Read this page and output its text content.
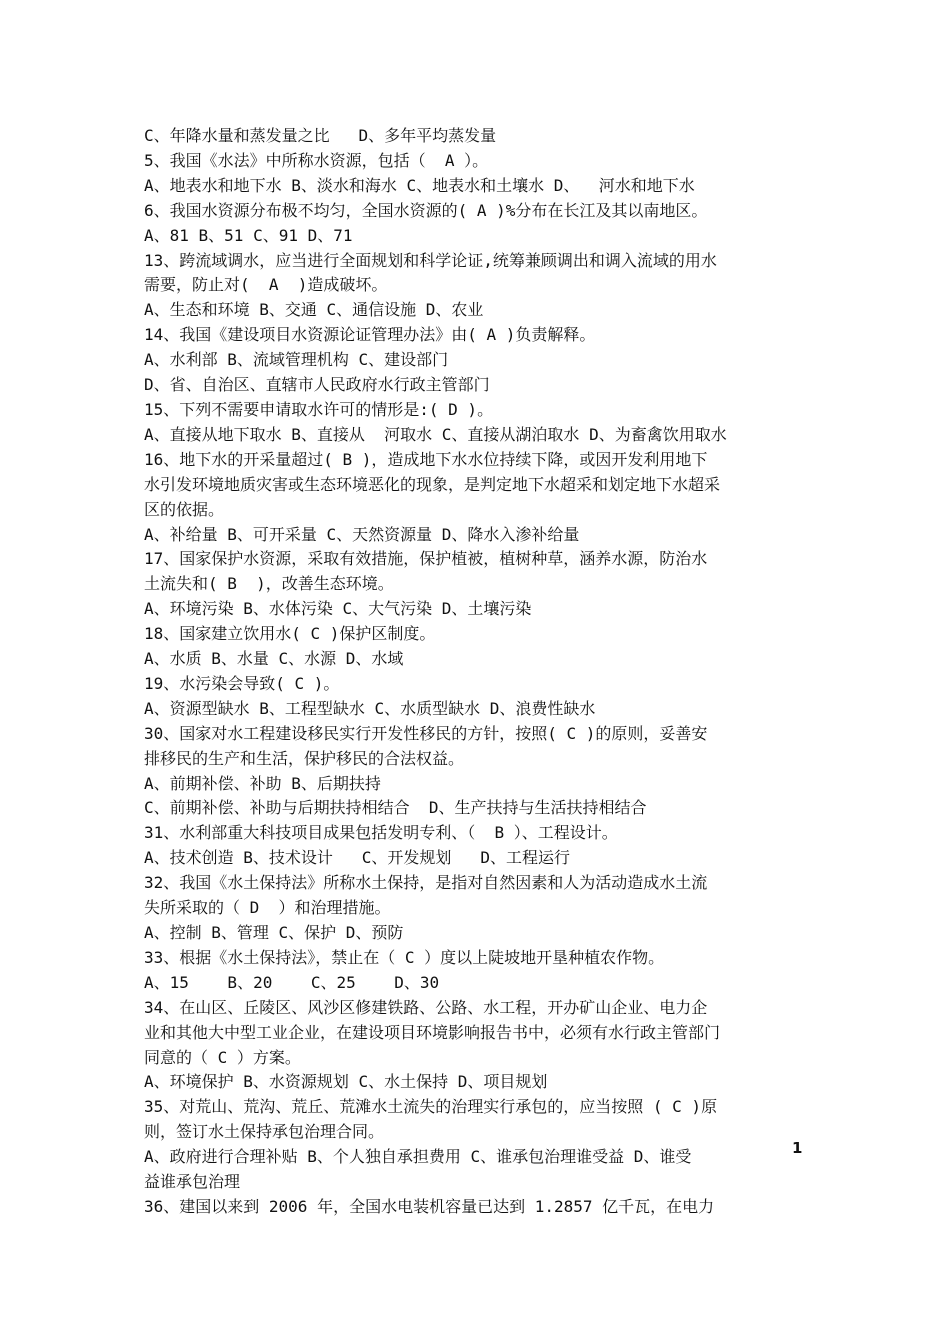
C、年降水量和蒸发量之比   D、多年平均蒸发量
5、我国《水法》中所称水资源，包括（  A ）。
A、地表水和地下水 B、淡水和海水 C、地表水和土壤水 D、  河水和地下水
6、我国水资源分布极不均匀，全国水资源的( A )%分布在长江及其以南地区。
A、81 B、51 C、91 D、71
13、跨流域调水，应当进行全面规划和科学论证,统筹兼顾调出和调入流域的用水
需要，防止对(  A  )造成破坏。
A、生态和环境 B、交通 C、通信设施 D、农业
14、我国《建设项目水资源论证管理办法》由( A )负责解释。
A、水利部 B、流域管理机构 C、建设部门
D、省、自治区、直辖市人民政府水行政主管部门
15、下列不需要申请取水许可的情形是:( D )。
A、直接从地下取水 B、直接从  河取水 C、直接从湖泊取水 D、为畜禽饮用取水
16、地下水的开采量超过( B )，造成地下水水位持续下降，或因开发利用地下
水引发环境地质灾害或生态环境恶化的现象，是判定地下水超采和划定地下水超采
区的依据。
A、补给量 B、可开采量 C、天然资源量 D、降水入渗补给量
17、国家保护水资源，采取有效措施，保护植被，植树种草，涵养水源，防治水
土流失和( B  )，改善生态环境。
A、环境污染 B、水体污染 C、大气污染 D、土壤污染
18、国家建立饮用水( C )保护区制度。
A、水质 B、水量 C、水源 D、水域
19、水污染会导致( C )。
A、资源型缺水 B、工程型缺水 C、水质型缺水 D、浪费性缺水
30、国家对水工程建设移民实行开发性移民的方针，按照( C )的原则，妥善安
排移民的生产和生活，保护移民的合法权益。
A、前期补偿、补助 B、后期扶持
C、前期补偿、补助与后期扶持相结合  D、生产扶持与生活扶持相结合
31、水利部重大科技项目成果包括发明专利、（  B ）、工程设计。
A、技术创造 B、技术设计   C、开发规划   D、工程运行
32、我国《水土保持法》所称水土保持，是指对自然因素和人为活动造成水土流
失所采取的（ D  ）和治理措施。
A、控制 B、管理 C、保护 D、预防
33、根据《水土保持法》，禁止在（ C ）度以上陡坡地开垦种植农作物。
A、15    B、20    C、25    D、30
34、在山区、丘陵区、风沙区修建铁路、公路、水工程，开办矿山企业、电力企
业和其他大中型工业企业，在建设项目环境影响报告书中，必须有水行政主管部门
同意的（ C ）方案。
A、环境保护 B、水资源规划 C、水土保持 D、项目规划
35、对荒山、荒沟、荒丘、荒滩水土流失的治理实行承包的，应当按照 ( C )原
则，签订水土保持承包治理合同。
A、政府进行合理补贴 B、个人独自承担费用 C、谁承包治理谁受益 D、谁受
益谁承包治理
36、建国以来到 2006 年，全国水电装机容量已达到 1.2857 亿千瓦，在电力
1
